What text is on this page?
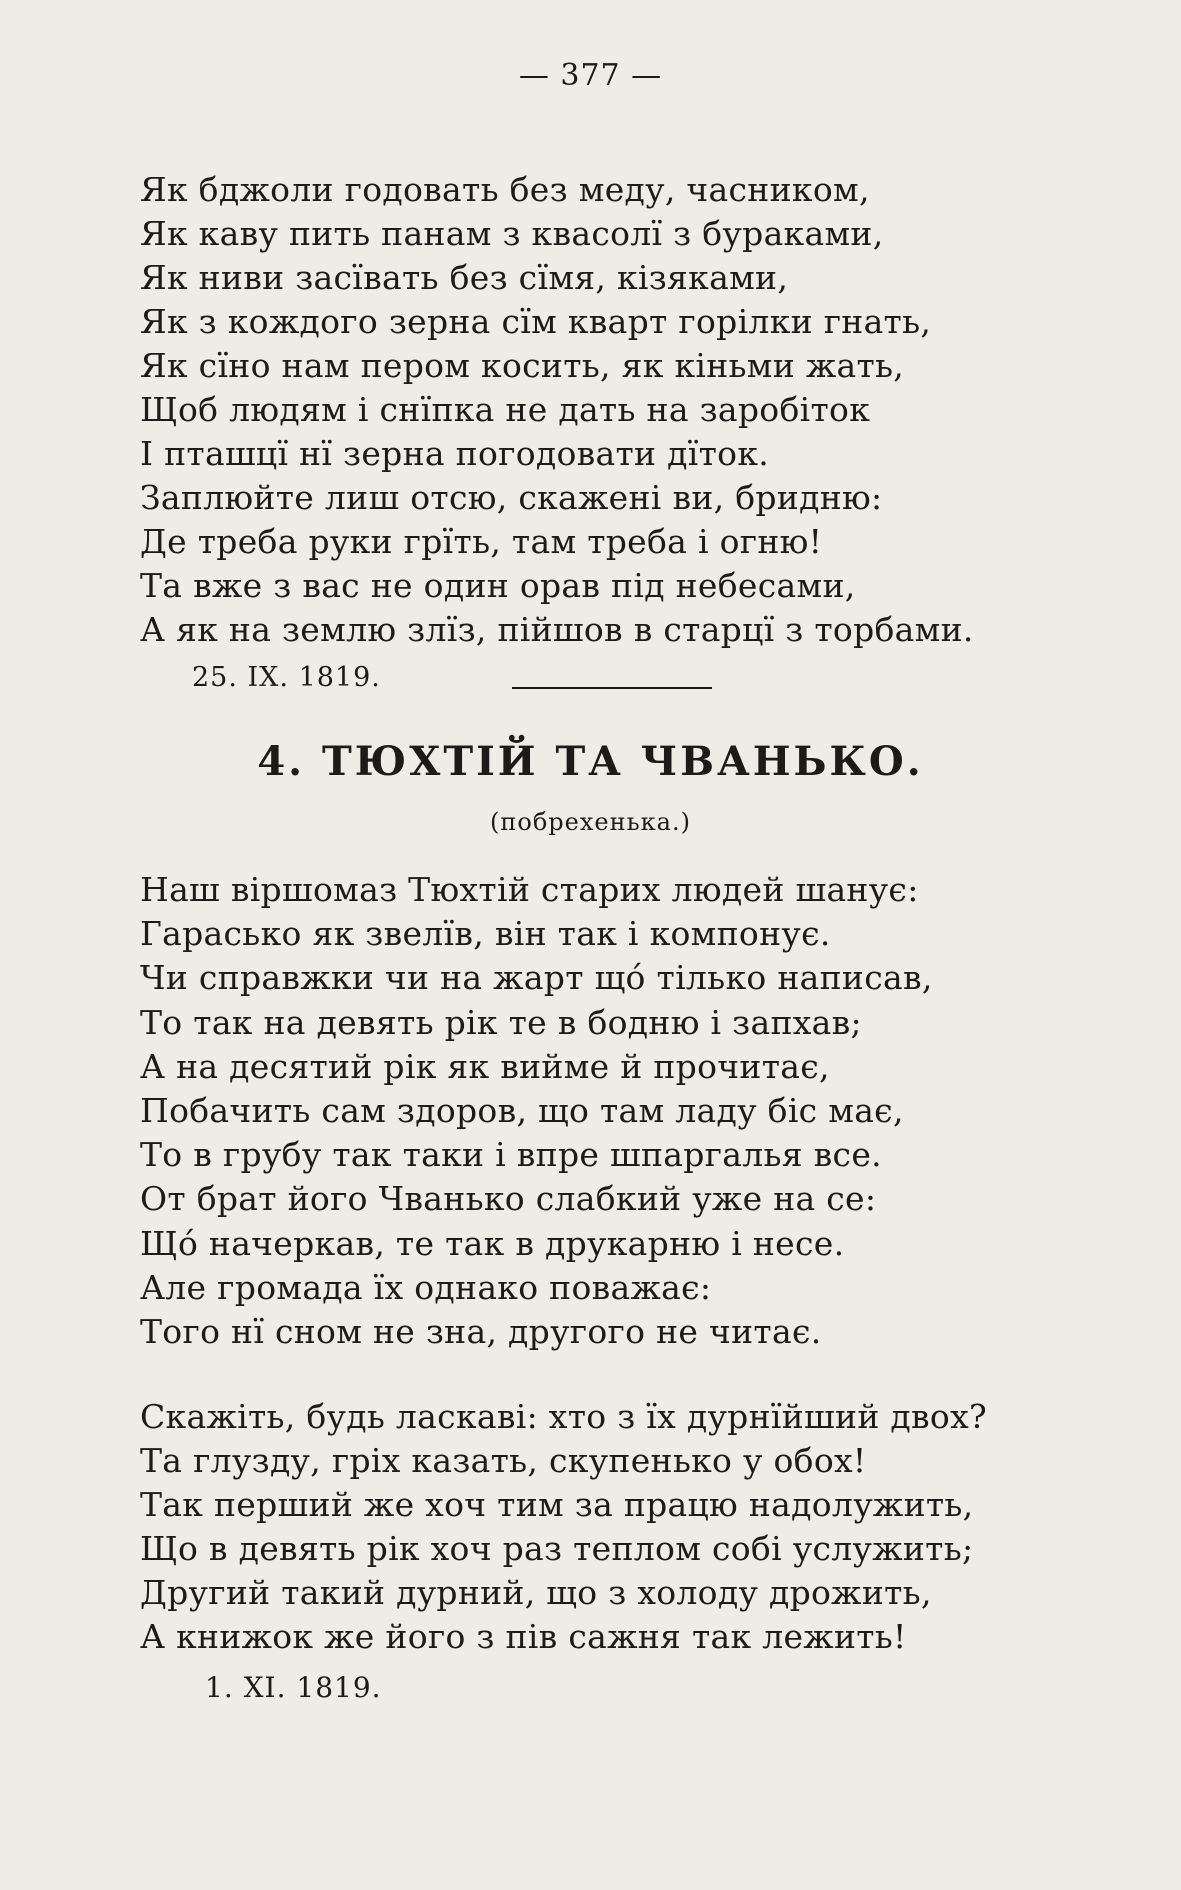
— 377 —
Як бджоли годовать без меду, часником,
Як каву пить панам з квасолї з бураками,
Як ниви засївать без сїмя, кізяками,
Як з кождого зерна сїм кварт горілки гнать,
Як сїно нам пером косить, як кіньми жать,
Щоб людям і снїпка не дать на заробіток
І пташцї нї зерна погодовати дїток.
Заплюйте лиш отсю, скажені ви, бридню:
Де треба руки грїть, там треба і огню!
Та вже з вас не один орав під небесами,
А як на землю злїз, пійшов в старцї з торбами.
25. IX. 1819.
4. ТЮХТІЙ ТА ЧВАНЬКО.
(побрехенька.)
Наш віршомаз Тюхтій старих людей шанує:
Гарасько як звелїв, він так і компонує.
Чи справжки чи на жарт щó тілько написав,
То так на девять рік те в бодню і запхав;
А на десятий рік як вийме й прочитає,
Побачить сам здоров, що там ладу біс має,
То в грубу так таки і впре шпаргалья все.
От брат його Чванько слабкий уже на се:
Щó начеркав, те так в друкарню і несе.
Але громада їх однако поважає:
Того нї сном не зна, другого не читає.
Скажіть, будь ласкаві: хто з їх дурнїйший двох?
Та глузду, гріх казать, скупенько у обох!
Так перший же хоч тим за працю надолужить,
Що в девять рік хоч раз теплом собі услужить;
Другий такий дурний, що з холоду дрожить,
А книжок же його з пів сажня так лежить!
1. XI. 1819.
